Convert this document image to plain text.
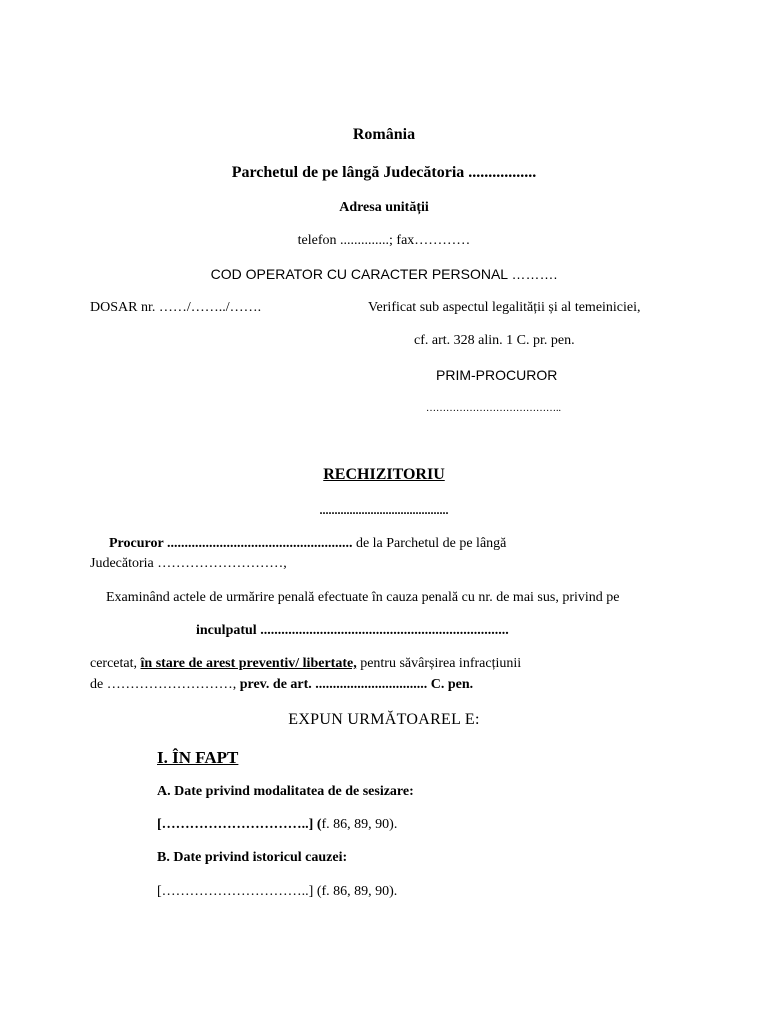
România
Parchetul de pe lângă Judecătoria .................
Adresa unității
telefon ..............; fax…………
COD OPERATOR CU CARACTER PERSONAL ……….
DOSAR nr. ……/……../…….	Verificat sub aspectul legalității și al temeiniciei,
cf. art. 328 alin. 1 C. pr. pen.
PRIM-PROCUROR
…………………………………..
RECHIZITORIU
...........................................
Procuror ..................................................... de la Parchetul de pe lângă
Judecătoria ………………………,
Examinând actele de urmărire penală efectuate în cauza penală cu nr. de mai sus, privind pe
inculpatul .......................................................................
cercetat, în stare de arest preventiv/ libertate, pentru săvârșirea infracțiunii
de ………………………, prev. de art. ................................ C. pen.
EXPUN URMĂTOAREL E:
I. ÎN FAPT
A. Date privind modalitatea de de sesizare:
[…………………………..] (f. 86, 89, 90).
B. Date privind istoricul cauzei:
[…………………………..] (f. 86, 89, 90).
